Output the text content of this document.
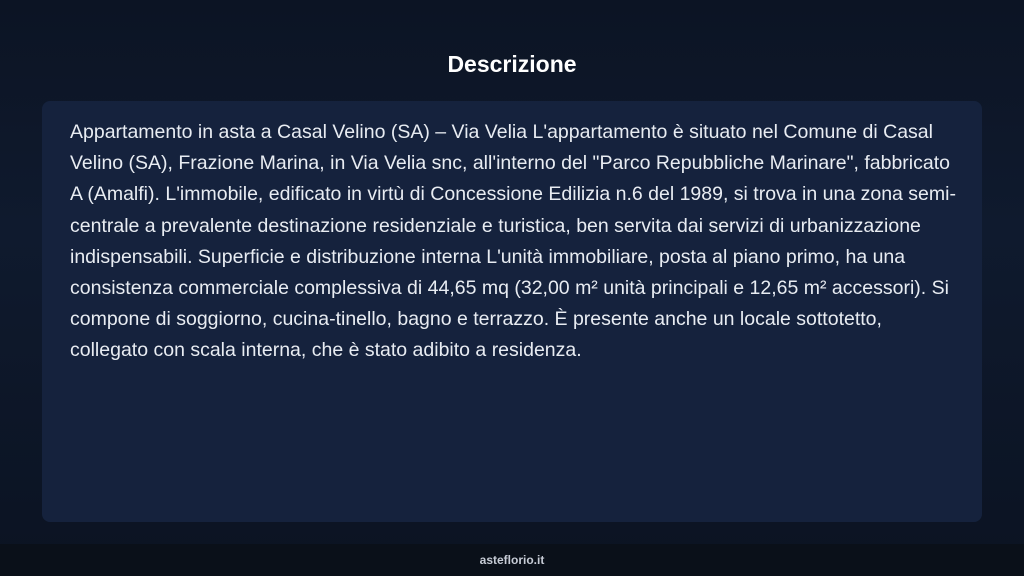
Descrizione

Appartamento in asta a Casal Velino (SA) – Via Velia L'appartamento è situato nel Comune di Casal Velino (SA), Frazione Marina, in Via Velia snc, all'interno del "Parco Repubbliche Marinare", fabbricato A (Amalfi). L'immobile, edificato in virtù di Concessione Edilizia n.6 del 1989, si trova in una zona semi-centrale a prevalente destinazione residenziale e turistica, ben servita dai servizi di urbanizzazione indispensabili. Superficie e distribuzione interna L'unità immobiliare, posta al piano primo, ha una consistenza commerciale complessiva di 44,65 mq (32,00 m² unità principali e 12,65 m² accessori). Si compone di soggiorno, cucina-tinello, bagno e terrazzo. È presente anche un locale sottotetto, collegato con scala interna, che è stato adibito a residenza.

asteflorio.it
